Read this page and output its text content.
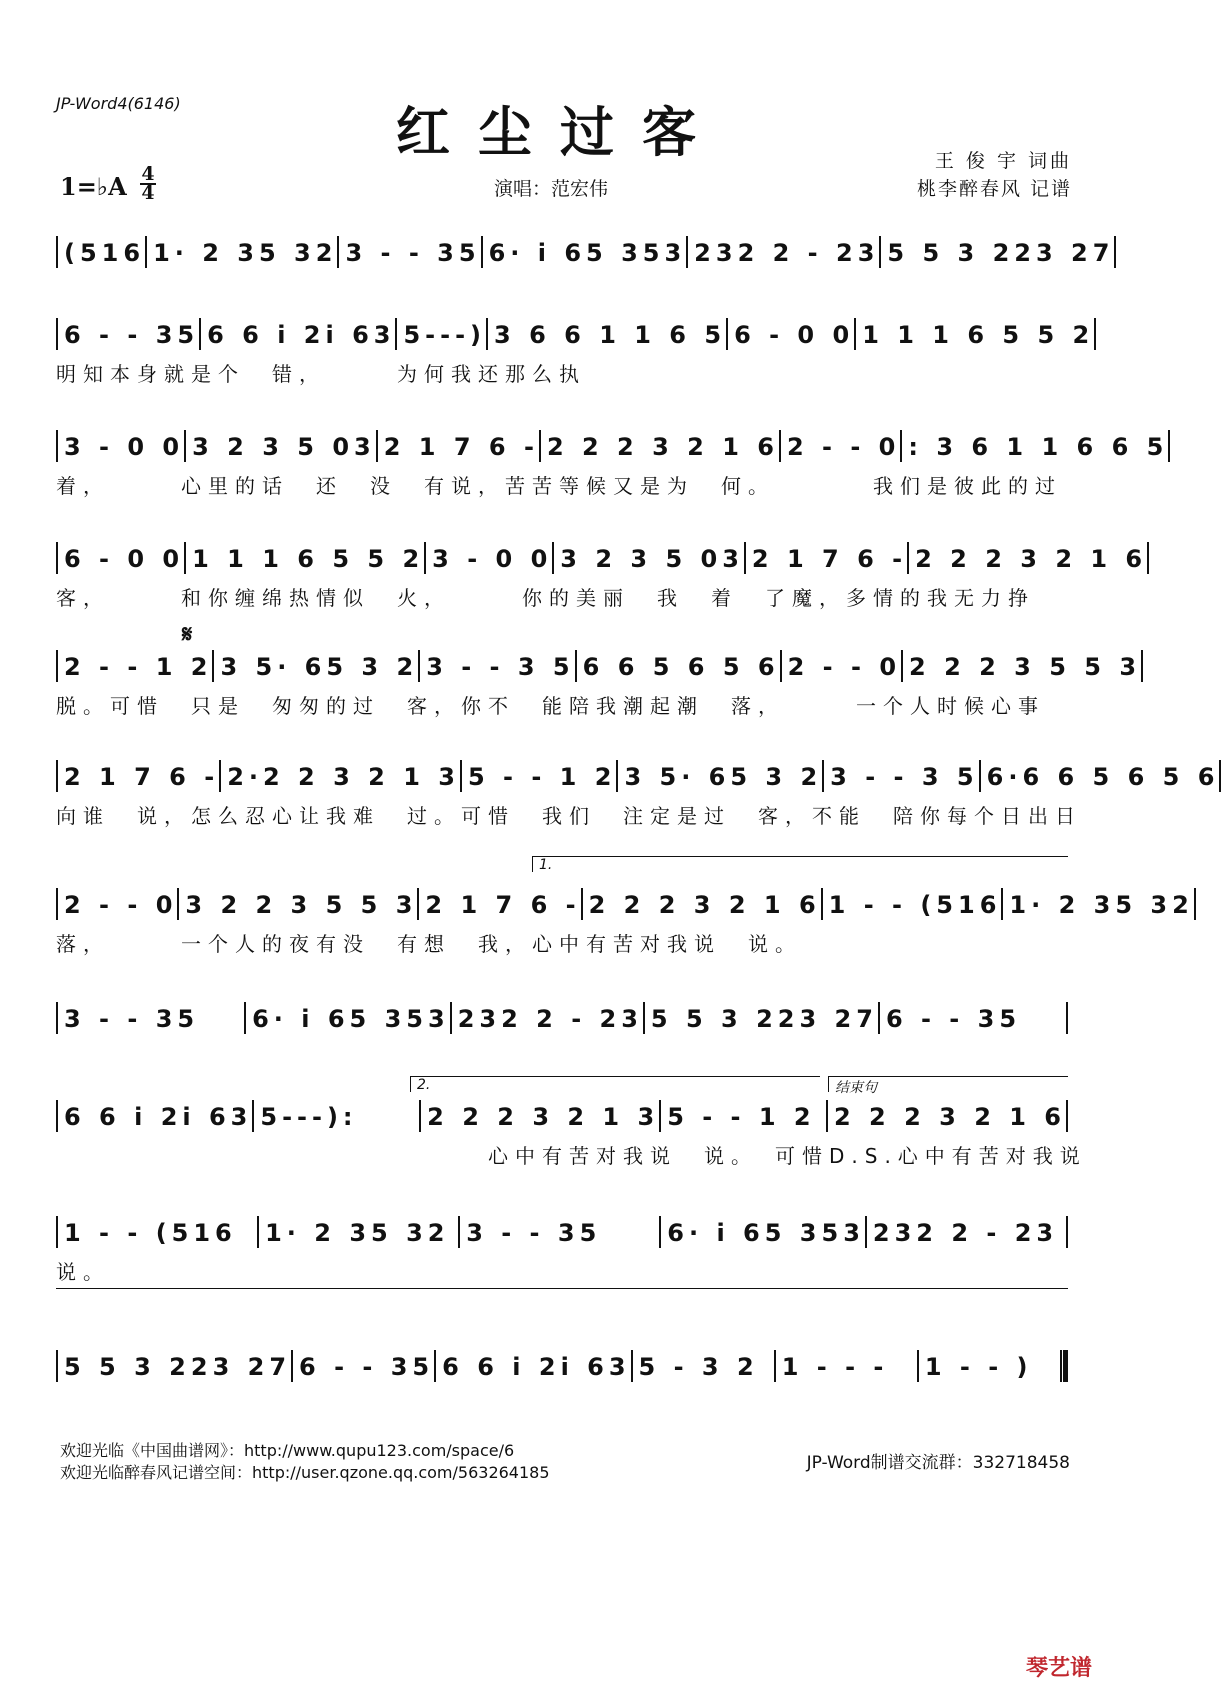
JP-Word4(6146)	红尘过客
1=♭A 4
4	演唱：范宏伟
王 俊 宇 词曲
桃李醉春风 记谱
𝄋
(516 1· 2 35 32 3 - - 35 6· i 65 353 232 2 - 23 5 5 3 223 27
6 - - 35 6 6 i 2i 63 5---) 3 6 6 1 1 6 5 6 - 0 0 1 1 1 6 5 5 2
明知本身就是个　错，　　　为何我还那么执
3 - 0 0 3 2 3 5 03 2 1 7 6 - 2 2 2 3 2 1 6 2 - - 0 : 3 6 1 1 6 6 5
着，　　　心里的话　还　没　有说，苦苦等候又是为　何。　　　　我们是彼此的过
6 - 0 0 1 1 1 6 5 5 2 3 - 0 0 3 2 3 5 03 2 1 7 6 - 2 2 2 3 2 1 6
客，　　　和你缠绵热情似　火，　　　你的美丽　我　着　了魔，多情的我无力挣
2 - - 1 2 3 5· 65 3 2 3 - - 3 5 6 6 5 6 5 6 2 - - 0 2 2 2 3 5 5 3
脱。可惜　只是　匆匆的过　客，你不　能陪我潮起潮　落，　　　一个人时候心事
2 1 7 6 - 2·2 2 3 2 1 3 5 - - 1 2 3 5· 65 3 2 3 - - 3 5 6·6 6 5 6 5 6
向谁　说，怎么忍心让我难　过。可惜　我们　注定是过　客，不能　陪你每个日出日
2 - - 0 3 2 2 3 5 5 3 2 1 7 6 - 2 2 2 3 2 1 6 1 - - (516 1· 2 35 32
落，　　　一个人的夜有没　有想　我，心中有苦对我说　说。
3 - - 35	6· i 65 353 232 2 - 23 5 5 3 223 27 6 - - 35
6 6 i 2i 63 5---):	2 2 2 3 2 1 3 5 - - 1 2 2 2 2 3 2 1 6
　　　　　　　　　　　　　　　　心中有苦对我说　说。　可惜D.S.心中有苦对我说
1 - - (516	1· 2 35 32 3 - - 35	6· i 65 353 232 2 - 23
说。
5 5 3 223 27 6 - - 35 6 6 i 2i 63 5 - 3 2 1 - - -	1 - - )
1.
2.	结束句
欢迎光临《中国曲谱网》：http://www.qupu123.com/space/6
欢迎光临醉春风记谱空间：http://user.qzone.qq.com/563264185	JP-Word制谱交流群：332718458
琴艺谱
